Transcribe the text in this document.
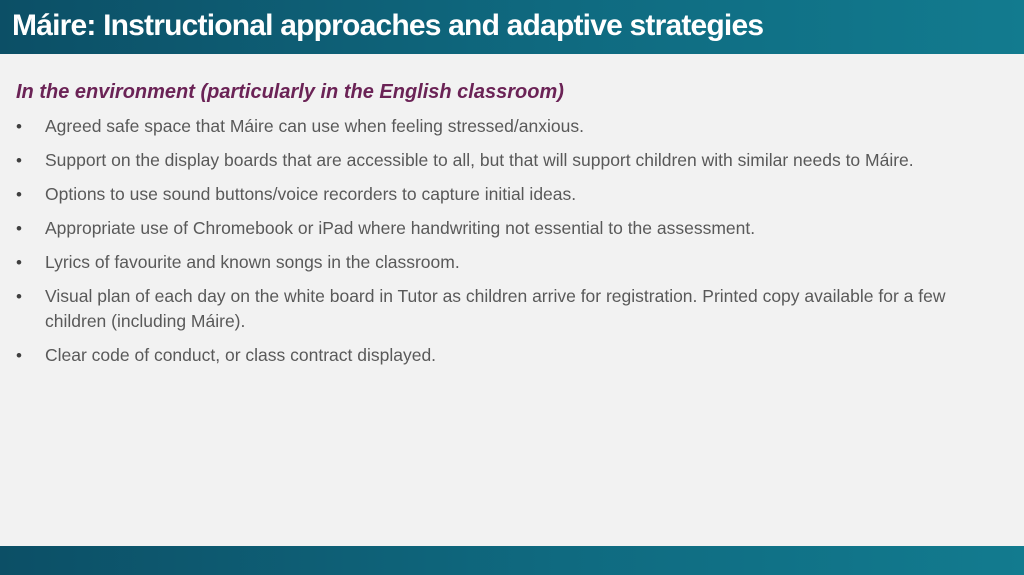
Máire: Instructional approaches and adaptive strategies
In the environment (particularly in the English classroom)
• Agreed safe space that Máire can use when feeling stressed/anxious.
• Support on the display boards that are accessible to all, but that will support children with similar needs to Máire.
• Options to use sound buttons/voice recorders to capture initial ideas.
• Appropriate use of Chromebook or iPad where handwriting not essential to the assessment.
• Lyrics of favourite and known songs in the classroom.
• Visual plan of each day on the white board in Tutor as children arrive for registration. Printed copy available for a few children (including Máire).
• Clear code of conduct, or class contract displayed.
